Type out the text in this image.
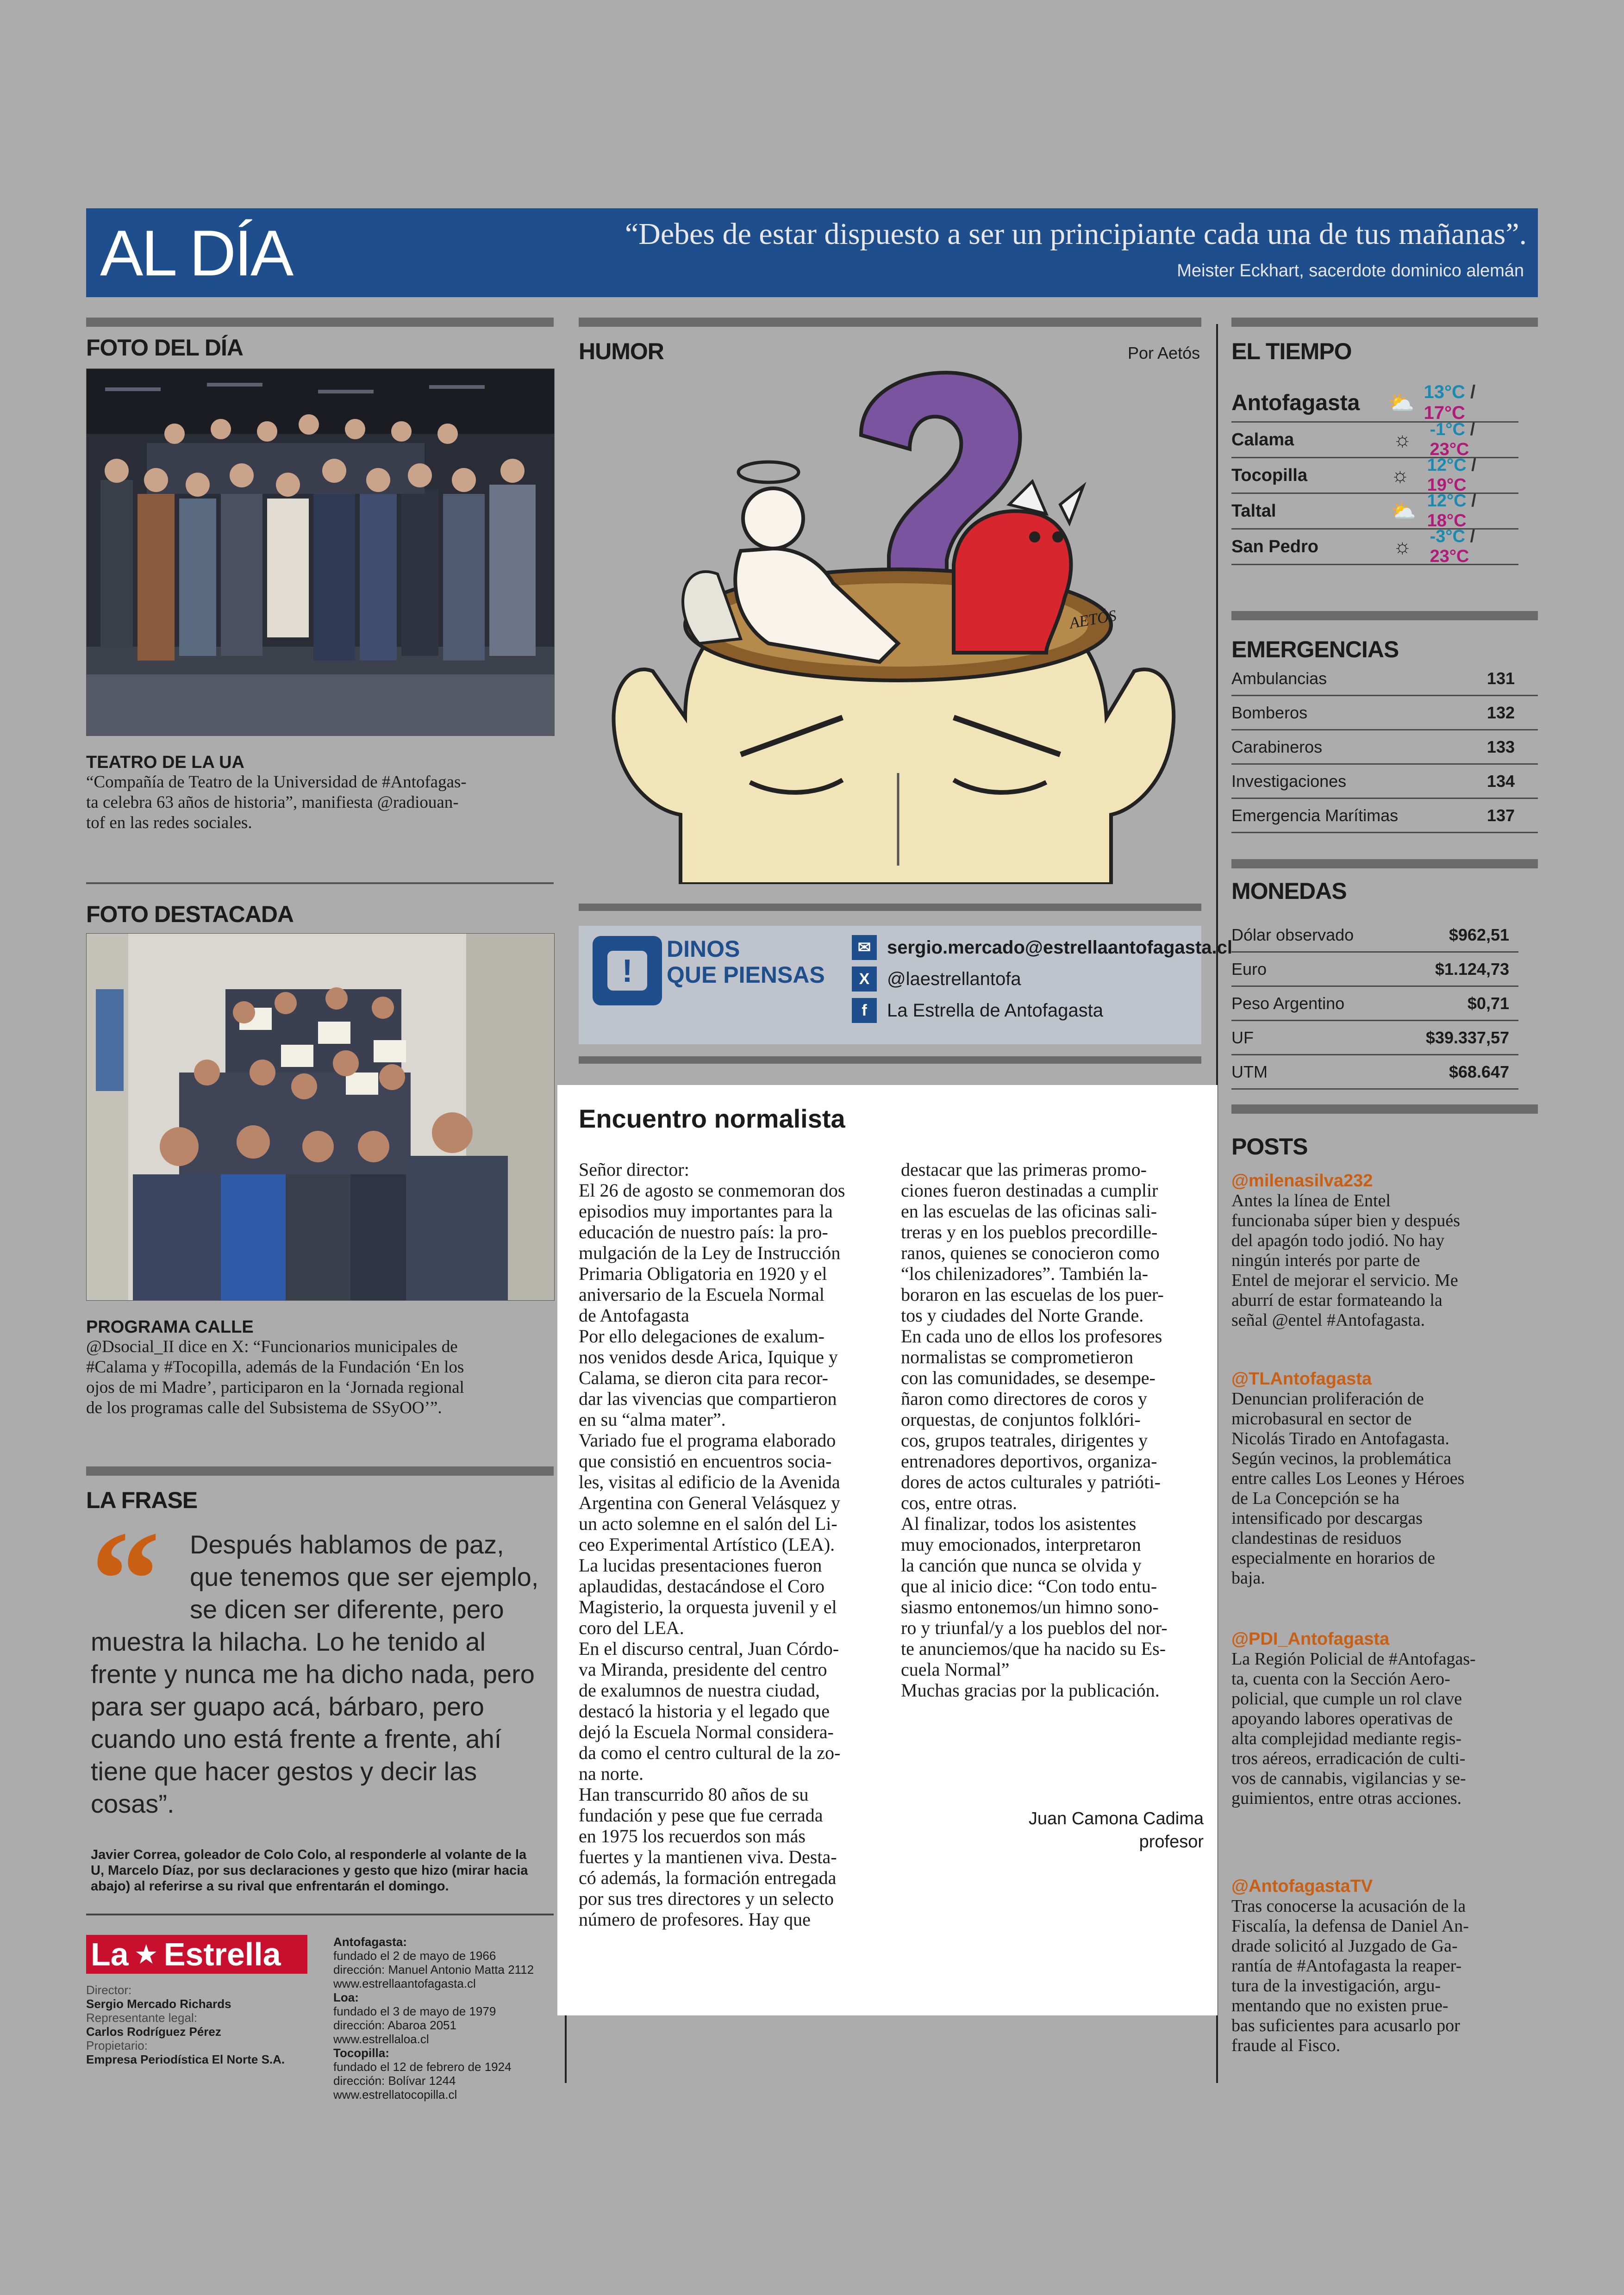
AL DÍA	“Debes de estar dispuesto a ser un principiante cada una de tus mañanas”.
Meister Eckhart, sacerdote dominico alemán
FOTO DEL DÍA
TEATRO DE LA UA
“Compañía de Teatro de la Universidad de #Antofagas-
ta celebra 63 años de historia”, manifiesta @radiouan-
tof en las redes sociales.
FOTO DESTACADA
PROGRAMA CALLE
@Dsocial_II dice en X: “Funcionarios municipales de
#Calama y #Tocopilla, además de la Fundación ‘En los
ojos de mi Madre’, participaron en la ‘Jornada regional
de los programas calle del Subsistema de SSyOO’”.
LA FRASE
“ Después hablamos de paz,
que tenemos que ser ejemplo,
se dicen ser diferente, pero
muestra la hilacha. Lo he tenido al
frente y nunca me ha dicho nada, pero
para ser guapo acá, bárbaro, pero
cuando uno está frente a frente, ahí
tiene que hacer gestos y decir las
cosas”.
Javier Correa, goleador de Colo Colo, al responderle al volante de la
U, Marcelo Díaz, por sus declaraciones y gesto que hizo (mirar hacia
abajo) al referirse a su rival que enfrentarán el domingo.
La ★ Estrella
Director:
Sergio Mercado Richards
Representante legal:
Carlos Rodríguez Pérez
Propietario:
Empresa Periodística El Norte S.A.
Antofagasta:
fundado el 2 de mayo de 1966
dirección: Manuel Antonio Matta 2112
www.estrellaantofagasta.cl
Loa:
fundado el 3 de mayo de 1979
dirección: Abaroa 2051
www.estrellaloa.cl
Tocopilla:
fundado el 12 de febrero de 1924
dirección: Bolívar 1244
www.estrellatocopilla.cl
HUMOR	Por Aetós
AETÓS
!
DINOS
QUE PIENSAS
✉ sergio.mercado@estrellaantofagasta.cl
X @laestrellantofa
f	La Estrella de Antofagasta
Encuentro normalista
Señor director:
El 26 de agosto se conmemoran dos
episodios muy importantes para la
educación de nuestro país: la pro-
mulgación de la Ley de Instrucción
Primaria Obligatoria en 1920 y el
aniversario de la Escuela Normal
de Antofagasta
Por ello delegaciones de exalum-
nos venidos desde Arica, Iquique y
Calama, se dieron cita para recor-
dar las vivencias que compartieron
en su “alma mater”.
Variado fue el programa elaborado
que consistió en encuentros socia-
les, visitas al edificio de la Avenida
Argentina con General Velásquez y
un acto solemne en el salón del Li-
ceo Experimental Artístico (LEA).
La lucidas presentaciones fueron
aplaudidas, destacándose el Coro
Magisterio, la orquesta juvenil y el
coro del LEA.
En el discurso central, Juan Córdo-
va Miranda, presidente del centro
de exalumnos de nuestra ciudad,
destacó la historia y el legado que
dejó la Escuela Normal considera-
da como el centro cultural de la zo-
na norte.
Han transcurrido 80 años de su
fundación y pese que fue cerrada
en 1975 los recuerdos son más
fuertes y la mantienen viva. Desta-
có además, la formación entregada
por sus tres directores y un selecto
número de profesores. Hay que
destacar que las primeras promo-
ciones fueron destinadas a cumplir
en las escuelas de las oficinas sali-
treras y en los pueblos precordille-
ranos, quienes se conocieron como
“los chilenizadores”. También la-
boraron en las escuelas de los puer-
tos y ciudades del Norte Grande.
En cada uno de ellos los profesores
normalistas se comprometieron
con las comunidades, se desempe-
ñaron como directores de coros y
orquestas, de conjuntos folklóri-
cos, grupos teatrales, dirigentes y
entrenadores deportivos, organiza-
dores de actos culturales y patrióti-
cos, entre otras.
Al finalizar, todos los asistentes
muy emocionados, interpretaron
la canción que nunca se olvida y
que al inicio dice: “Con todo entu-
siasmo entonemos/un himno sono-
ro y triunfal/y a los pueblos del nor-
te anunciemos/que ha nacido su Es-
cuela Normal”
Muchas gracias por la publicación.
Juan Camona Cadima
profesor
EL TIEMPO
Antofagasta	⛅ 13°C / 17°C
Calama	☼	-1°C / 23°C
Tocopilla	☼	12°C / 19°C
Taltal	⛅ 12°C / 18°C
San Pedro	☼	-3°C / 23°C
EMERGENCIAS
Ambulancias	131
Bomberos	132
Carabineros	133
Investigaciones	134
Emergencia Marítimas	137
MONEDAS
Dólar observado	$962,51
Euro	$1.124,73
Peso Argentino	$0,71
UF	$39.337,57
UTM	$68.647
POSTS
@milenasilva232
Antes la línea de Entel
funcionaba súper bien y después
del apagón todo jodió. No hay
ningún interés por parte de
Entel de mejorar el servicio. Me
aburrí de estar formateando la
señal @entel #Antofagasta.
@TLAntofagasta
Denuncian proliferación de
microbasural en sector de
Nicolás Tirado en Antofagasta.
Según vecinos, la problemática
entre calles Los Leones y Héroes
de La Concepción se ha
intensificado por descargas
clandestinas de residuos
especialmente en horarios de
baja.
@PDI_Antofagasta
La Región Policial de #Antofagas-
ta, cuenta con la Sección Aero-
policial, que cumple un rol clave
apoyando labores operativas de
alta complejidad mediante regis-
tros aéreos, erradicación de culti-
vos de cannabis, vigilancias y se-
guimientos, entre otras acciones.
@AntofagastaTV
Tras conocerse la acusación de la
Fiscalía, la defensa de Daniel An-
drade solicitó al Juzgado de Ga-
rantía de #Antofagasta la reaper-
tura de la investigación, argu-
mentando que no existen prue-
bas suficientes para acusarlo por
fraude al Fisco.
